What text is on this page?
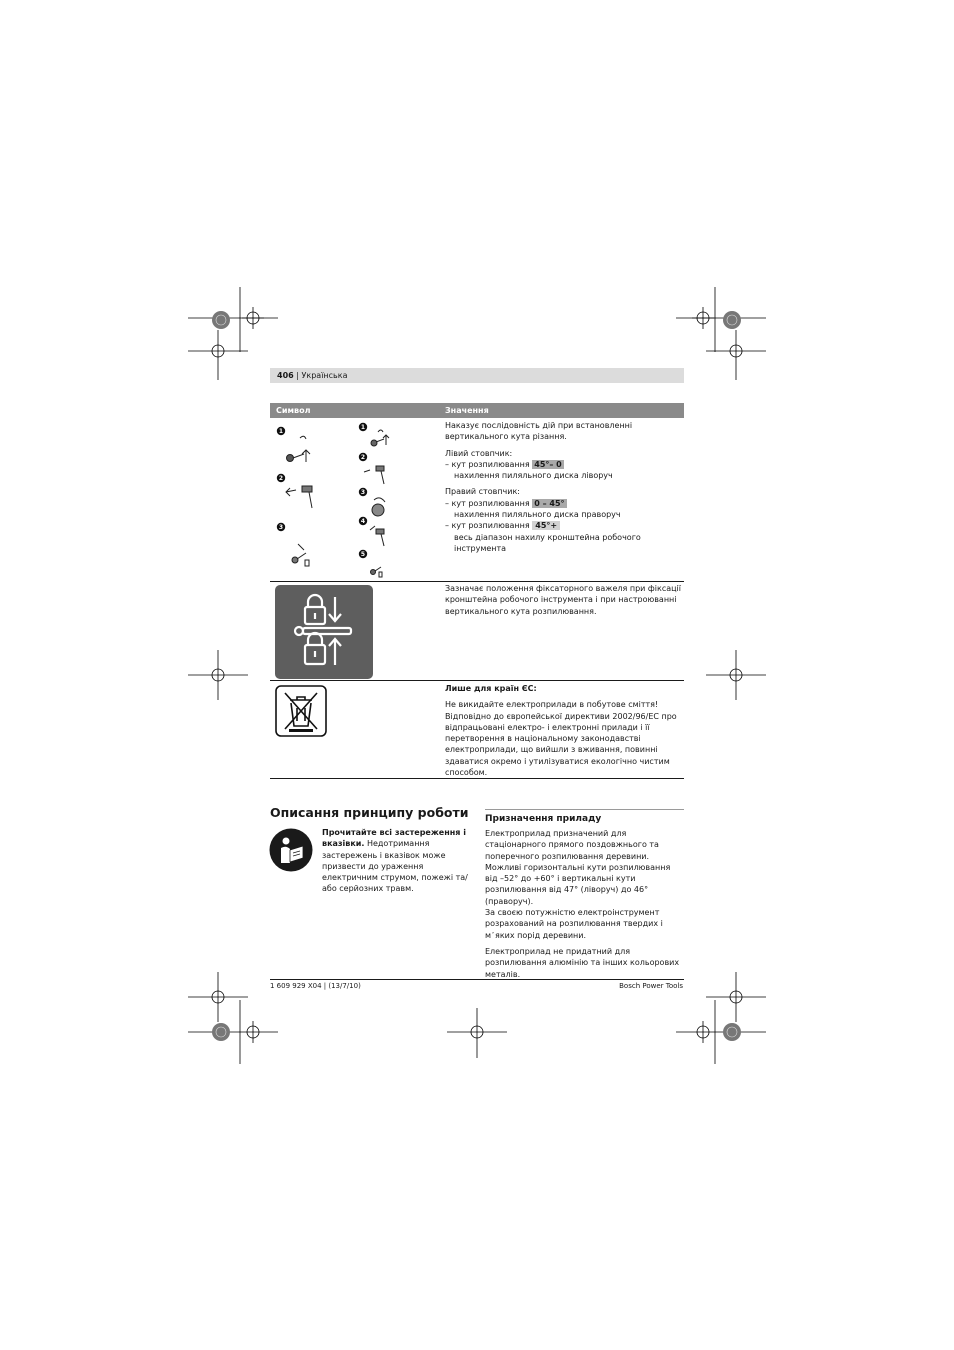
406 | Українська
Символ	Значення
1
2
3
1
2
3
4
5

Наказує послідовність дій при встановленні вертикального кута різання.

Лівий стовпчик:

– кут розпилювання 45°– 0

нахилення пиляльного диска ліворуч

Правий стовпчик:

– кут розпилювання 0 – 45°

нахилення пиляльного диска праворуч

– кут розпилювання 45°+

весь діапазон нахилу кронштейна робочого інструмента

Зазначає положення фіксаторного важеля при фіксації кронштейна робочого інструмента і при настроюванні вертикального кута розпилювання.

Лише для країн ЄС:

Не викидайте електроприлади в побутове сміття!

Відповідно до європейської директиви 2002/96/ЕС про відпрацьовані електро- і електронні прилади і її перетворення в національному законодавстві електроприлади, що вийшли з вживання, повинні здаватися окремо і утилізуватися екологічно чистим способом.

Описання принципу роботи
Прочитайте всі застереження і вказівки. Недотримання застережень і вказівок може призвести до ураження електричним струмом, пожежі та/або серйозних травм.
Призначення приладу

Електроприлад призначений для стаціонарного прямого поздовжнього та поперечного розпилювання деревини.

Можливі горизонтальні кути розпилювання від –52° до +60° і вертикальні кути розпилювання від 47° (ліворуч) до 46° (праворуч).

За своєю потужністю електроінструмент розрахований на розпилювання твердих і м᾿яких порід деревини.

Електроприлад не придатний для розпилювання алюмінію та інших кольорових металів.

1 609 929 X04 | (13/7/10)	Bosch Power Tools
